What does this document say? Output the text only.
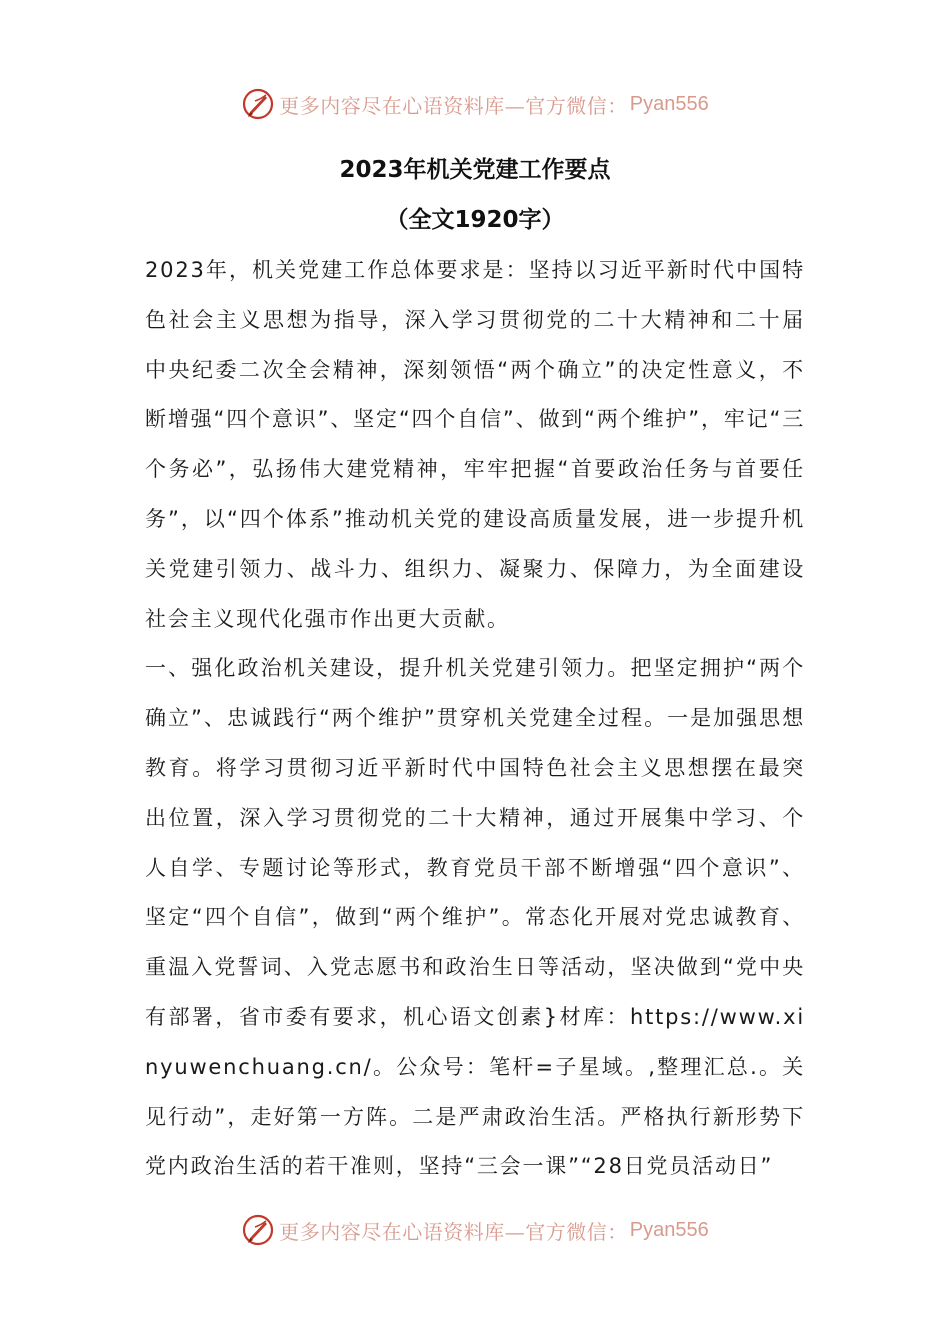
更多内容尽在心语资料库—官方微信： Pyan556
2023年机关党建工作要点
（全文1920字）

2023年，机关党建工作总体要求是：坚持以习近平新时代中国特色社会主义思想为指导，深入学习贯彻党的二十大精神和二十届中央纪委二次全会精神，深刻领悟“两个确立”的决定性意义，不断增强“四个意识”、坚定“四个自信”、做到“两个维护”，牢记“三个务必”，弘扬伟大建党精神，牢牢把握“首要政治任务与首要任务”，以“四个体系”推动机关党的建设高质量发展，进一步提升机关党建引领力、战斗力、组织力、凝聚力、保障力，为全面建设社会主义现代化强市作出更大贡献。

一、强化政治机关建设，提升机关党建引领力。把坚定拥护“两个确立”、忠诚践行“两个维护”贯穿机关党建全过程。一是加强思想教育。将学习贯彻习近平新时代中国特色社会主义思想摆在最突出位置，深入学习贯彻党的二十大精神，通过开展集中学习、个人自学、专题讨论等形式，教育党员干部不断增强“四个意识”、坚定“四个自信”，做到“两个维护”。常态化开展对党忠诚教育、重温入党誓词、入党志愿书和政治生日等活动，坚决做到“党中央有部署，省市委有要求，机心语文创素}材库：https://www.xinyuwenchuang.cn/。公众号：笔杆=子星域。,整理汇总.。关见行动”，走好第一方阵。二是严肃政治生活。严格执行新形势下党内政治生活的若干准则，坚持“三会一课”“28日党员活动日”

更多内容尽在心语资料库—官方微信： Pyan556
